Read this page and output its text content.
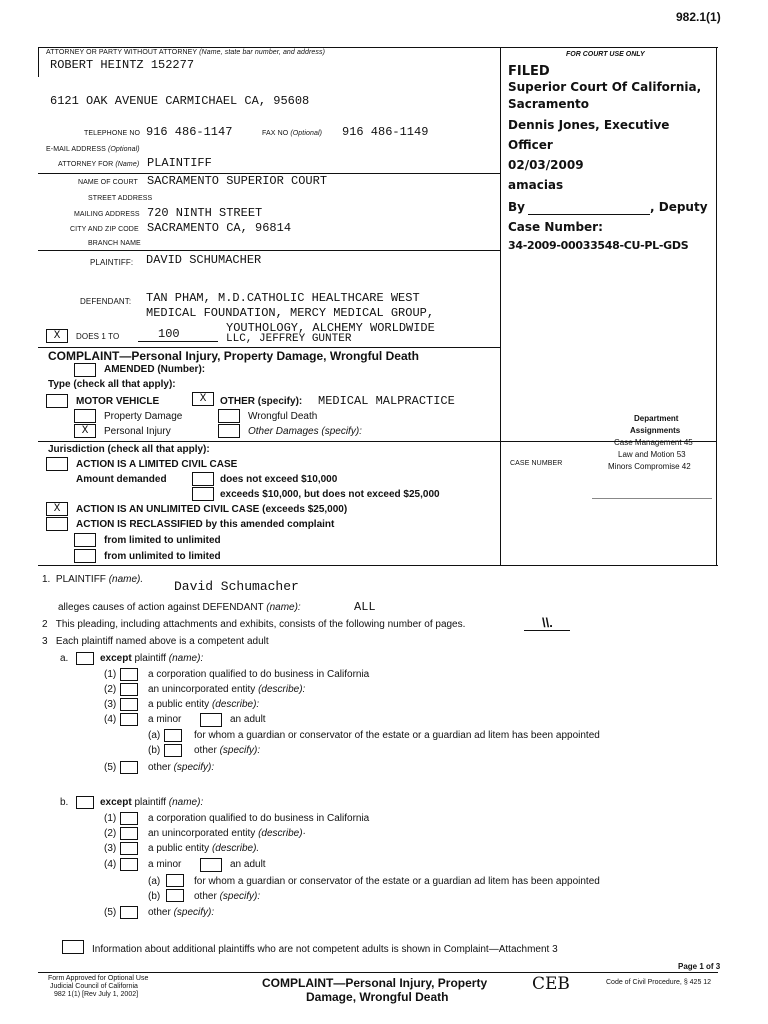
982.1(1)
ATTORNEY OR PARTY WITHOUT ATTORNEY (Name, state bar number, and address)
ROBERT HEINTZ 152277
6121 OAK AVENUE CARMICHAEL CA, 95608
TELEPHONE NO 916 486-1147	FAX NO (Optional) 916 486-1149
E-MAIL ADDRESS (Optional)
ATTORNEY FOR (Name) PLAINTIFF
NAME OF COURT SACRAMENTO SUPERIOR COURT
STREET ADDRESS
MAILING ADDRESS 720 NINTH STREET
CITY AND ZIP CODE SACRAMENTO CA, 96814
BRANCH NAME
FOR COURT USE ONLY
FILED
Superior Court Of California,
Sacramento
Dennis Jones, Executive
Officer
02/03/2009
amacias
By	, Deputy
Case Number:
34-2009-00033548-CU-PL-GDS
PLAINTIFF: DAVID SCHUMACHER
DEFENDANT: TAN PHAM, M.D.CATHOLIC HEALTHCARE WEST
MEDICAL FOUNDATION, MERCY MEDICAL GROUP,
YOUTHOLOGY, ALCHEMY WORLDWIDE
LLC, JEFFREY GUNTER
X	DOES 1 TO	100
COMPLAINT—Personal Injury, Property Damage, Wrongful Death
AMENDED (Number):
Type (check all that apply):
MOTOR VEHICLE	X	OTHER (specify): MEDICAL MALPRACTICE
Property Damage	Wrongful Death
X	Personal Injury	Other Damages (specify):
Jurisdiction (check all that apply):
ACTION IS A LIMITED CIVIL CASE
Amount demanded	does not exceed $10,000
exceeds $10,000, but does not exceed $25,000
X	ACTION IS AN UNLIMITED CIVIL CASE (exceeds $25,000)
ACTION IS RECLASSIFIED by this amended complaint
from limited to unlimited
from unlimited to limited
Department
Assignments
Case Management 45
Law and Motion 53
Minors Compromise 42
CASE NUMBER
1. PLAINTIFF (name). David Schumacher
alleges causes of action against DEFENDANT (name):	ALL
2 This pleading, including attachments and exhibits, consists of the following number of pages.	\\.
3 Each plaintiff named above is a competent adult
a.	except plaintiff (name):
(1)	a corporation qualified to do business in California
(2)	an unincorporated entity (describe):
(3)	a public entity (describe):
(4)	a minor	an adult
(a)	for whom a guardian or conservator of the estate or a guardian ad litem has been appointed
(b)	other (specify):
(5)	other (specify):
b.	except plaintiff (name):
(1)	a corporation qualified to do business in California
(2)	an unincorporated entity (describe)·
(3)	a public entity (describe).
(4)	a minor	an adult
(a)	for whom a guardian or conservator of the estate or a guardian ad litem has been appointed
(b)	other (specify):
(5)	other (specify):
Information about additional plaintiffs who are not competent adults is shown in Complaint—Attachment 3
Page 1 of 3
Form Approved for Optional Use
Judicial Council of California
982 1(1) [Rev July 1, 2002]
COMPLAINT—Personal Injury, Property
Damage, Wrongful Death
CEB	Code of Civil Procedure, § 425 12
